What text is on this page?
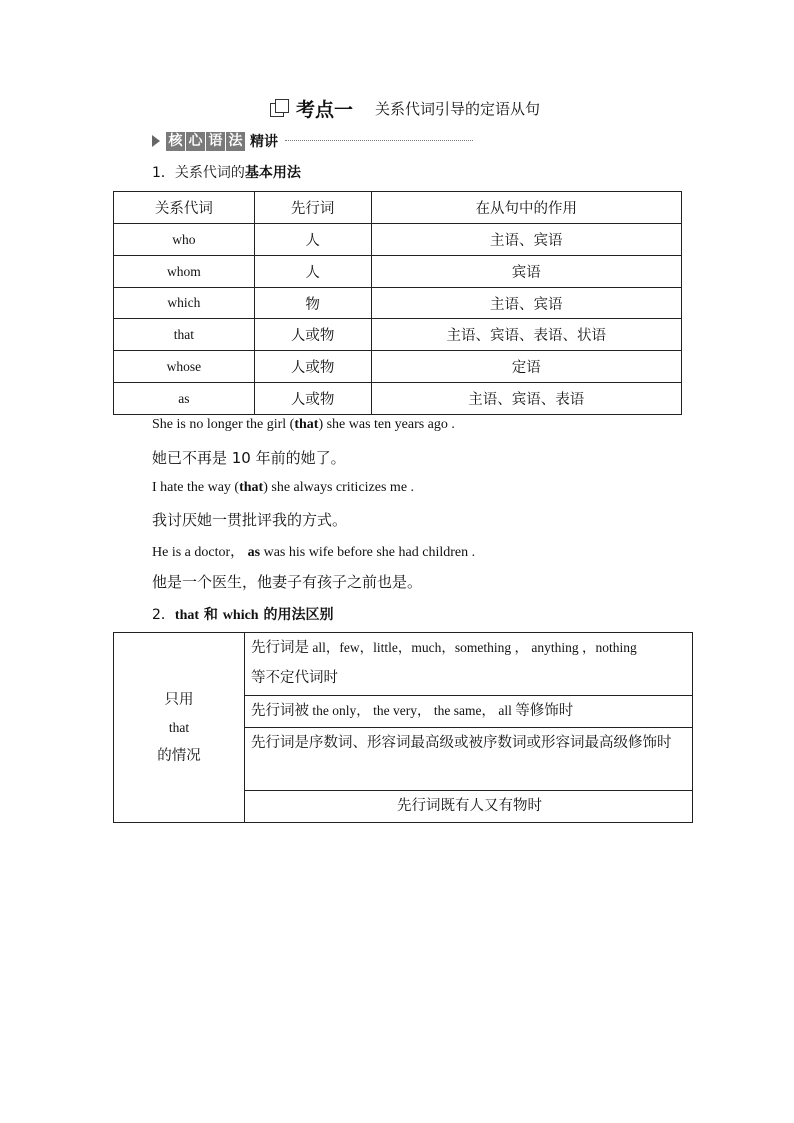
考点一 关系代词引导的定语从句
核 心 语 法 精讲
1．关系代词的基本用法
关系代词	先行词	在从句中的作用
who	人	主语、宾语
whom	人	宾语
which	物	主语、宾语
that	人或物	主语、宾语、表语、状语
whose	人或物	定语
as	人或物	主语、宾语、表语
She is no longer the girl (that) she was ten years ago .
她已不再是 10 年前的她了。
I hate the way (that) she always criticizes me .
我讨厌她一贯批评我的方式。
He is a doctor， as was his wife before she had children .
他是一个医生，他妻子有孩子之前也是。
2．that 和 which 的用法区别
只用
that
的情况
	先行词是 all，few，little，much，something ， anything ，nothing
等不定代词时
先行词被 the only， the very， the same， all 等修饰时
先行词是序数词、形容词最高级或被序数词或形容词最高级修饰时
先行词既有人又有物时
